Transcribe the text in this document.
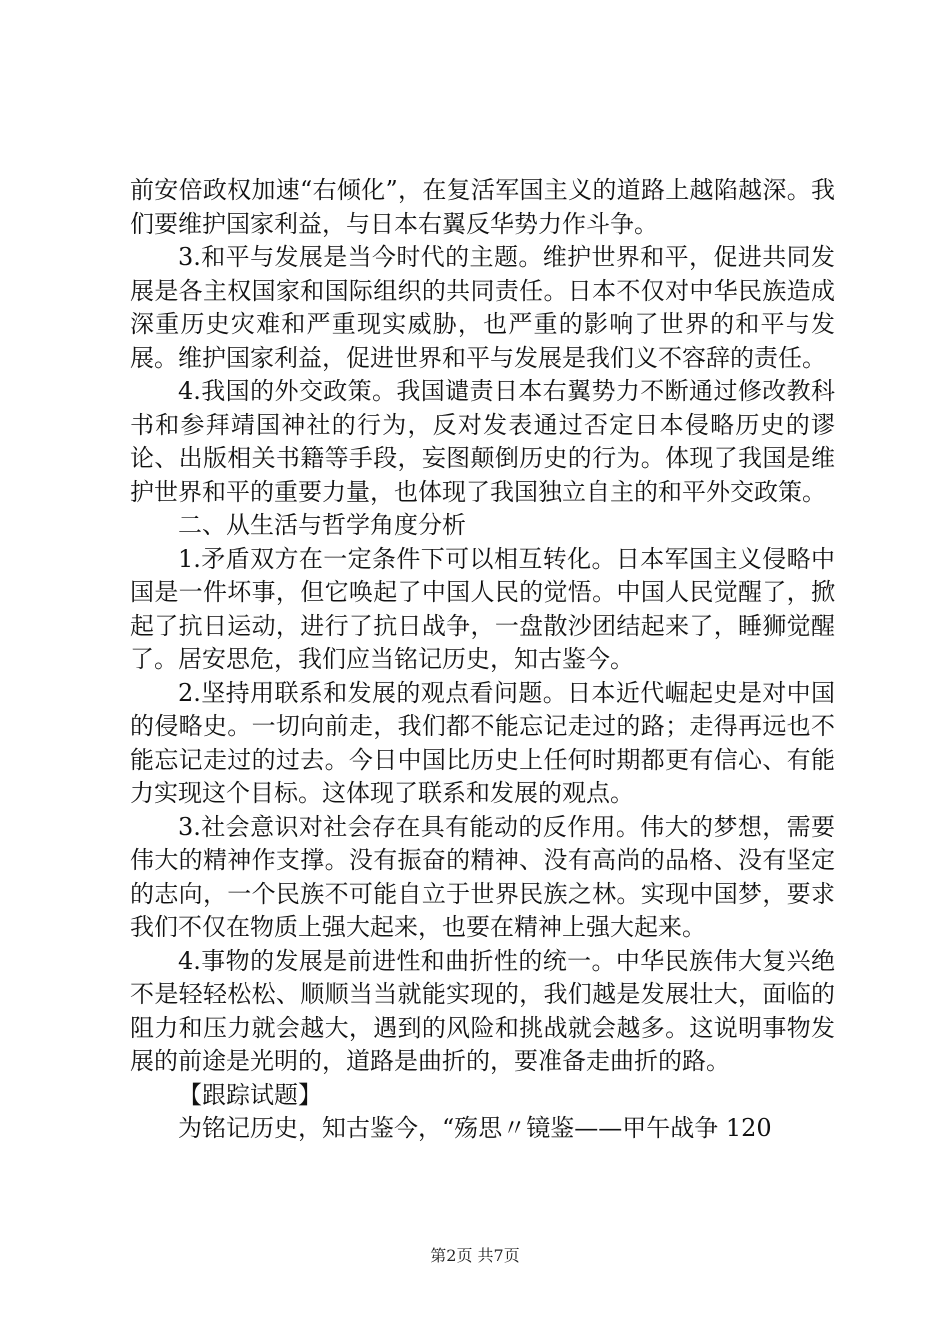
前安倍政权加速“右倾化”，在复活军国主义的道路上越陷越深。我们要维护国家利益，与日本右翼反华势力作斗争。

3.和平与发展是当今时代的主题。维护世界和平，促进共同发展是各主权国家和国际组织的共同责任。日本不仅对中华民族造成深重历史灾难和严重现实威胁，也严重的影响了世界的和平与发展。维护国家利益，促进世界和平与发展是我们义不容辞的责任。

4.我国的外交政策。我国谴责日本右翼势力不断通过修改教科书和参拜靖国神社的行为，反对发表通过否定日本侵略历史的谬论、出版相关书籍等手段，妄图颠倒历史的行为。体现了我国是维护世界和平的重要力量，也体现了我国独立自主的和平外交政策。

二、从生活与哲学角度分析

1.矛盾双方在一定条件下可以相互转化。日本军国主义侵略中国是一件坏事，但它唤起了中国人民的觉悟。中国人民觉醒了，掀起了抗日运动，进行了抗日战争，一盘散沙团结起来了，睡狮觉醒了。居安思危，我们应当铭记历史，知古鉴今。

2.坚持用联系和发展的观点看问题。日本近代崛起史是对中国的侵略史。一切向前走，我们都不能忘记走过的路；走得再远也不能忘记走过的过去。今日中国比历史上任何时期都更有信心、有能力实现这个目标。这体现了联系和发展的观点。

3.社会意识对社会存在具有能动的反作用。伟大的梦想，需要伟大的精神作支撑。没有振奋的精神、没有高尚的品格、没有坚定的志向，一个民族不可能自立于世界民族之林。实现中国梦，要求我们不仅在物质上强大起来，也要在精神上强大起来。

4.事物的发展是前进性和曲折性的统一。中华民族伟大复兴绝不是轻轻松松、顺顺当当就能实现的，我们越是发展壮大，面临的阻力和压力就会越大，遇到的风险和挑战就会越多。这说明事物发展的前途是光明的，道路是曲折的，要准备走曲折的路。

【跟踪试题】

为铭记历史，知古鉴今，“殇思〃镜鉴——甲午战争 120

第2页 共7页
